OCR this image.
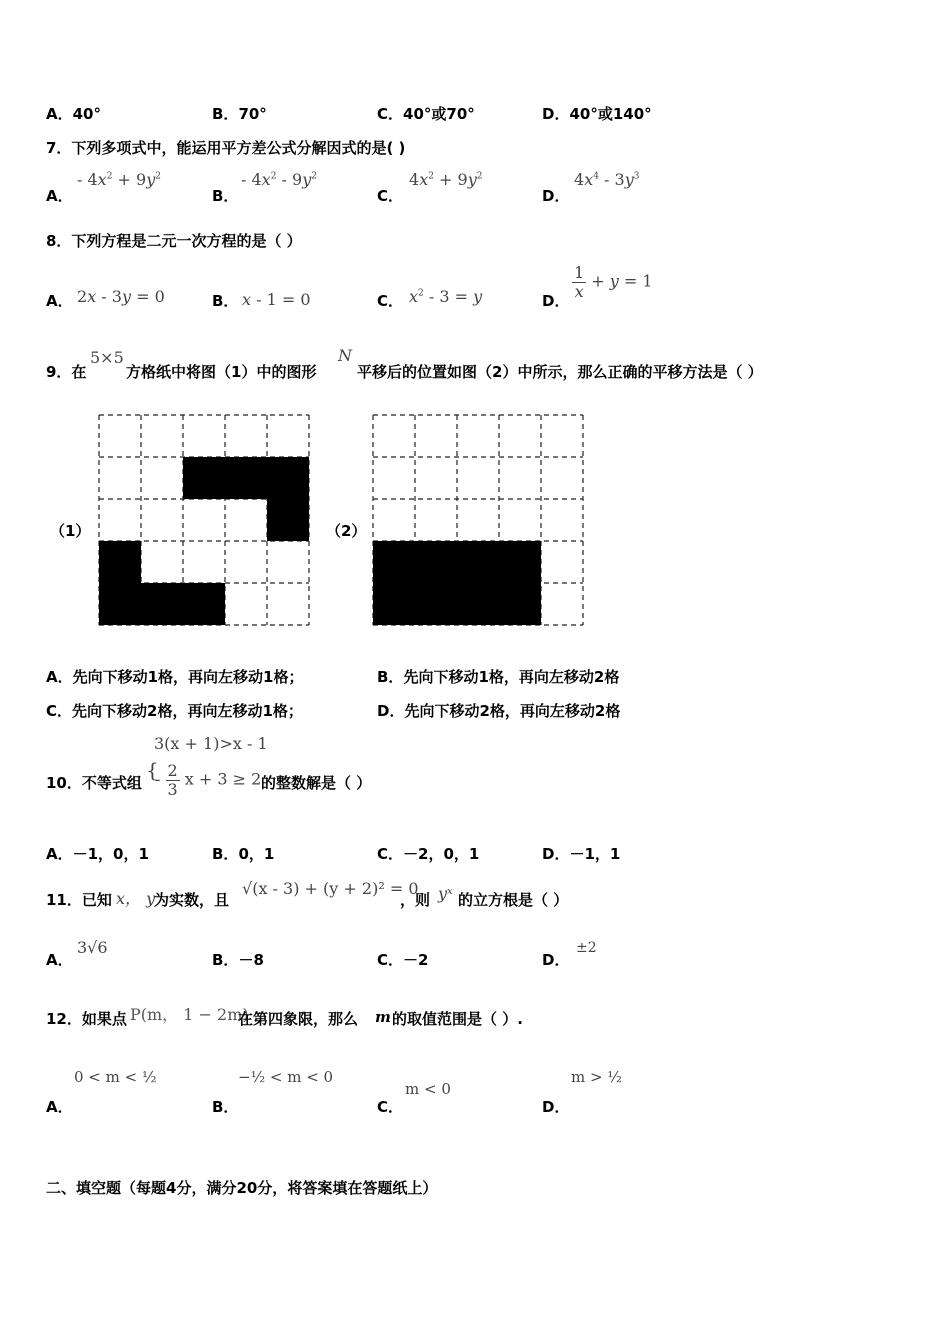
A．40°	B．70°	C．40°或70°	D．40°或140°
7．下列多项式中，能运用平方差公式分解因式的是( )
A．
- $4x^2 + 9y^2$
B．
- $4x^2 - 9y^2$
C．
$4x^2 + 9y^2$
D．
$4x^4 - 3y^3$
8．下列方程是二元一次方程的是（ ）
A． 2x - 3y = 0	B． x - 1 = 0	C． $x^2 - 3 = y$	D．
$\frac{1}{x} + y = 1$
9．在
5×5
方格纸中将图（1）中的图形
N
平移后的位置如图（2）中所示，那么正确的平移方法是（ ）
（1）	（2）
A．先向下移动1格，再向左移动1格；	B．先向下移动1格，再向左移动2格
C．先向下移动2格，再向左移动1格；	D．先向下移动2格，再向左移动2格
3(x + 1)>x - 1
10．不等式组
{
- $\frac{2}{3}$ x + 3 ≥ 2 的整数解是（ ）
A．－1，0，1	B．0，1	C．－2，0，1	D．－1，1
11．已知 x， y
为实数，且
√(x - 3) + (y + 2)² = 0
，则 yˣ 的立方根是（ ）
A．
3√6
B．－8	C．－2	D．
±2
12．如果点 P(m， 1 − 2m)
在第四象限，那么 m 的取值范围是（ ）.
A．
0 < m < ½
B．
−½ < m < 0
C．
m < 0
D．
m > ½
二、填空题（每题4分，满分20分，将答案填在答题纸上）
